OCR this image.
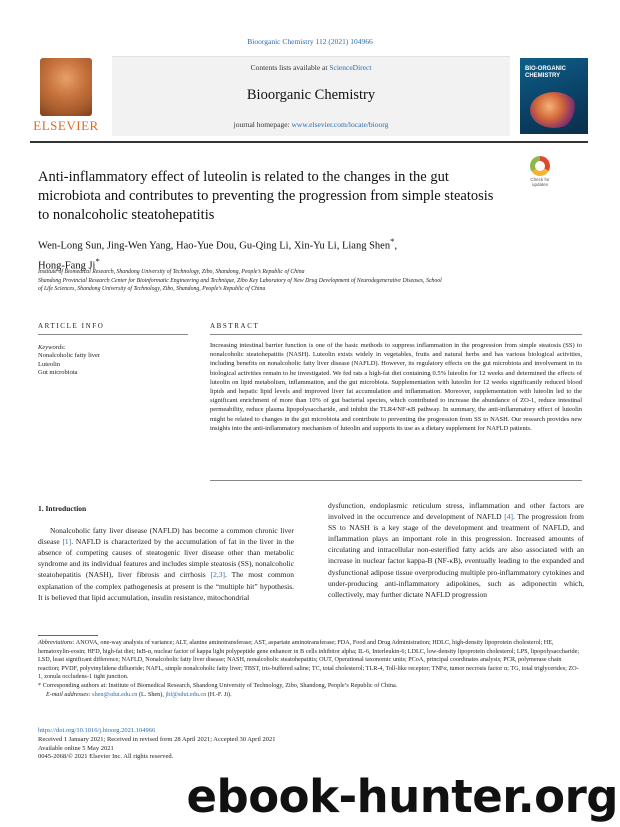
Bioorganic Chemistry 112 (2021) 104966
ELSEVIER
Contents lists available at ScienceDirect
Bioorganic Chemistry
journal homepage: www.elsevier.com/locate/bioorg
BIO-ORGANIC CHEMISTRY
Anti-inflammatory effect of luteolin is related to the changes in the gut microbiota and contributes to preventing the progression from simple steatosis to nonalcoholic steatohepatitis
Check for updates
Wen-Long Sun, Jing-Wen Yang, Hao-Yue Dou, Gu-Qing Li, Xin-Yu Li, Liang Shen*,
Hong-Fang Ji*

Institute of Biomedical Research, Shandong University of Technology, Zibo, Shandong, People’s Republic of China

Shandong Provincial Research Center for Bioinformatic Engineering and Technique, Zibo Key Laboratory of New Drug Development of Neurodegenerative Diseases, School

of Life Sciences, Shandong University of Technology, Zibo, Shandong, People’s Republic of China

ARTICLE INFO	ABSTRACT
Keywords:
Nonalcoholic fatty liver
Luteolin
Gut microbiota
Increasing intestinal barrier function is one of the basic methods to suppress inflammation in the progression from simple steatosis (SS) to nonalcoholic steatohepatitis (NASH). Luteolin exists widely in vegetables, fruits and natural herbs and has various biological activities, including benefits on nonalcoholic fatty liver disease (NAFLD). However, its regulatory effects on the gut microbiota and involvement in its biological activities remain to be investigated. We fed rats a high-fat diet containing 0.5% luteolin for 12 weeks and determined the effects of luteolin on lipid metabolism, inflammation, and the gut microbiota. Supplementation with luteolin for 12 weeks significantly reduced blood lipids and hepatic lipid levels and improved liver fat accumulation and inflammation. Moreover, supplementation with luteolin led to the significant enrichment of more than 10% of gut bacterial species, which contributed to increase the abundance of ZO-1, reduce intestinal permeability, reduce plasma lipopolysaccharide, and inhibit the TLR4/NF-κB pathway. In summary, the anti-inflammatory effect of luteolin might be related to changes in the gut microbiota and contribute to preventing the progression from SS to NASH. Our research provides new insights into the anti-inflammatory mechanism of luteolin and supports its use as a dietary supplement for NAFLD patients.
1. Introduction

Nonalcoholic fatty liver disease (NAFLD) has become a common chronic liver disease [1]. NAFLD is characterized by the accumulation of fat in the liver in the absence of competing causes of steatogenic liver disease other than metabolic syndrome and its individual features and includes simple steatosis (SS), nonalcoholic steatohepatitis (NASH), liver fibrosis and cirrhosis [2,3]. The most common explanation of the complex pathogenesis at present is the “multiple hit” hypothesis. It is believed that lipid accumulation, insulin resistance, mitochondrial

dysfunction, endoplasmic reticulum stress, inflammation and other factors are involved in the occurrence and development of NAFLD [4]. The progression from SS to NASH is a key stage of the development and treatment of NAFLD, and inflammation plays an important role in this progression. Increased amounts of circulating and intracellular non-esterified fatty acids are also associated with an increase in nuclear factor kappa-B (NF-κB), eventually leading to the expanded and dysfunctional adipose tissue overproducing multiple pro-inflammatory cytokines and under-producing anti-inflammatory adipokines, such as adiponectin which, collectively, may further dictate NAFLD progression

Abbreviations: ANOVA, one-way analysis of variance; ALT, alanine aminotransferase; AST, aspartate aminotransferase; FDA, Food and Drug Administration; HDLC, high-density lipoprotein cholesterol; HE, hematoxylin-eosin; HFD, high-fat diet; IκB-α, nuclear factor of kappa light polypeptide gene enhancer in B cells inhibitor alpha; IL-6, Interleukin-6; LDLC, low-density lipoprotein cholesterol; LPS, lipopolysaccharide; LSD, least significant difference; NAFLD, Nonalcoholic fatty liver disease; NASH, nonalcoholic steatohepatitis; OUT, Operational taxonomic units; PCoA, principal coordinates analysis; PCR, polymerase chain reaction; PVDF, polyvinylidene difluoride; NAFL, simple nonalcoholic fatty liver; TBST, tris-buffered saline; TC, total cholesterol; TLR-4, Toll-like receptor; TNFα, tumor necrosis factor α; TG, total triglycerides; ZO-1, zonula occludens-1 tight junction.

* Corresponding authors at: Institute of Biomedical Research, Shandong University of Technology, Zibo, Shandong, People’s Republic of China.

E-mail addresses: shen@sdut.edu.cn (L. Shen), jhf@sdut.edu.cn (H.-F. Ji).

https://doi.org/10.1016/j.bioorg.2021.104966
Received 1 January 2021; Received in revised form 28 April 2021; Accepted 30 April 2021
Available online 5 May 2021
0045-2068/© 2021 Elsevier Inc. All rights reserved.
ebook-hunter.org
